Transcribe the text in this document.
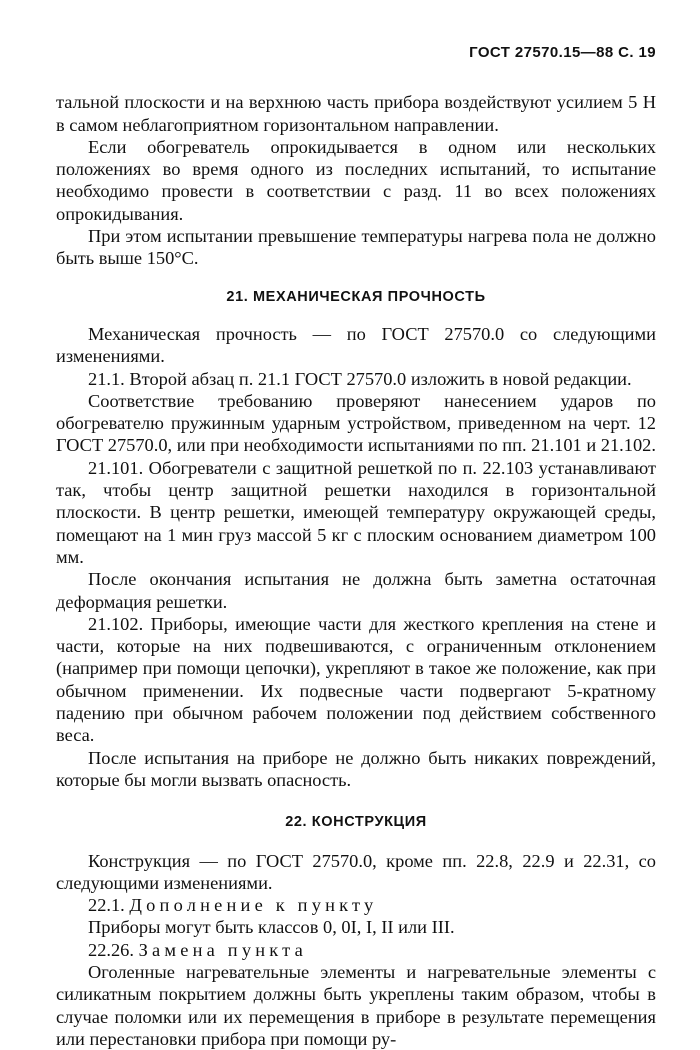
ГОСТ 27570.15—88 С. 19

тальной плоскости и на верхнюю часть прибора воздействуют усилием 5 Н в самом неблагоприятном горизонтальном направлении.

Если обогреватель опрокидывается в одном или нескольких положениях во время одного из последних испытаний, то испытание необходимо провести в соответствии с разд. 11 во всех положениях опрокидывания.

При этом испытании превышение температуры нагрева пола не должно быть выше 150°С.

21. МЕХАНИЧЕСКАЯ ПРОЧНОСТЬ

Механическая прочность — по ГОСТ 27570.0 со следующими изменениями.

21.1. Второй абзац п. 21.1 ГОСТ 27570.0 изложить в новой редакции.

Соответствие требованию проверяют нанесением ударов по обогревателю пружинным ударным устройством, приведенном на черт. 12 ГОСТ 27570.0, или при необходимости испытаниями по пп. 21.101 и 21.102.

21.101. Обогреватели с защитной решеткой по п. 22.103 устанавливают так, чтобы центр защитной решетки находился в горизонтальной плоскости. В центр решетки, имеющей температуру окружающей среды, помещают на 1 мин груз массой 5 кг с плоским основанием диаметром 100 мм.

После окончания испытания не должна быть заметна остаточная деформация решетки.

21.102. Приборы, имеющие части для жесткого крепления на стене и части, которые на них подвешиваются, с ограниченным отклонением (например при помощи цепочки), укрепляют в такое же положение, как при обычном применении. Их подвесные части подвергают 5-кратному падению при обычном рабочем положении под действием собственного веса.

После испытания на приборе не должно быть никаких повреждений, которые бы могли вызвать опасность.

22. КОНСТРУКЦИЯ

Конструкция — по ГОСТ 27570.0, кроме пп. 22.8, 22.9 и 22.31, со следующими изменениями.

22.1. Дополнение к пункту

Приборы могут быть классов 0, 0I, I, II или III.

22.26. Замена пункта

Оголенные нагревательные элементы и нагревательные элементы с силикатным покрытием должны быть укреплены таким образом, чтобы в случае поломки или их перемещения в приборе в результате перемещения или перестановки прибора при помощи ру-
